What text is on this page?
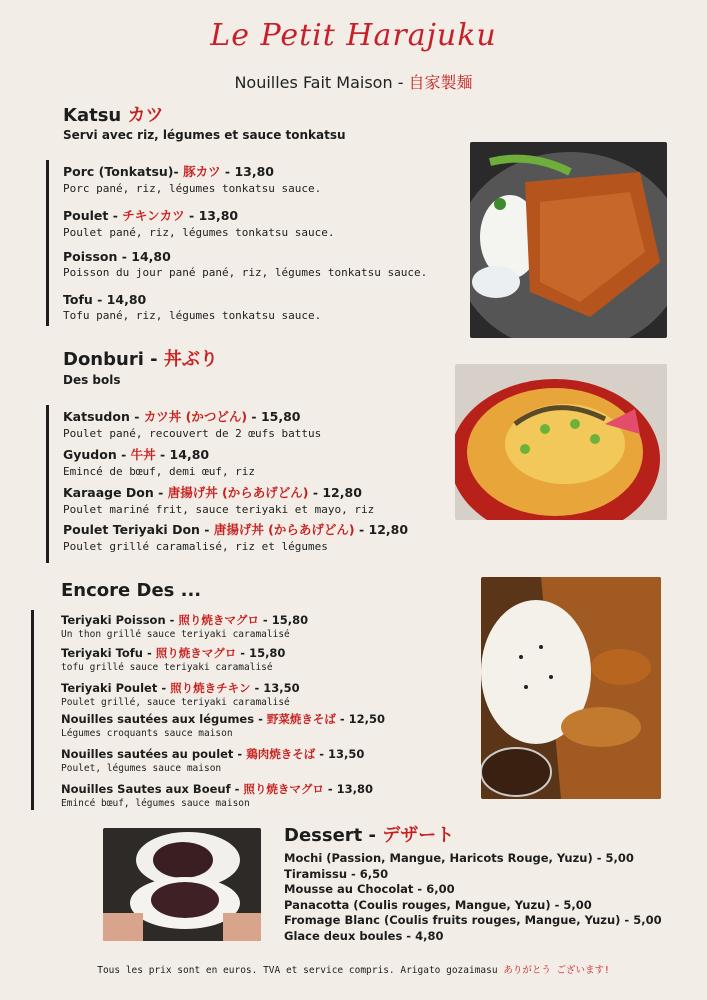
Le Petit Harajuku
Nouilles Fait Maison - 自家製麺
Katsu カツ
Servi avec riz, légumes et sauce tonkatsu
Porc (Tonkatsu)- 豚カツ - 13,80
Porc pané, riz, légumes tonkatsu sauce.
Poulet - チキンカツ - 13,80
Poulet pané, riz, légumes tonkatsu sauce.
Poisson - 14,80
Poisson du jour pané pané, riz, légumes tonkatsu sauce.
Tofu - 14,80
Tofu pané, riz, légumes tonkatsu sauce.
Donburi - 丼ぶり
Des bols
Katsudon - カツ丼 (かつどん) - 15,80
Poulet pané, recouvert de 2 œufs battus
Gyudon - 牛丼 - 14,80
Emincé de bœuf, demi œuf, riz
Karaage Don - 唐揚げ丼 (からあげどん) - 12,80
Poulet mariné frit, sauce teriyaki et mayo, riz
Poulet Teriyaki Don - 唐揚げ丼 (からあげどん) - 12,80
Poulet grillé caramalisé, riz et légumes
Encore Des ...
Teriyaki Poisson - 照り焼きマグロ - 15,80
Un thon grillé sauce teriyaki caramalisé
Teriyaki Tofu - 照り焼きマグロ - 15,80
tofu grillé sauce teriyaki caramalisé
Teriyaki Poulet - 照り焼きチキン - 13,50
Poulet grillé, sauce teriyaki caramalisé
Nouilles sautées aux légumes - 野菜焼きそば - 12,50
Légumes croquants sauce maison
Nouilles sautées au poulet - 鶏肉焼きそば - 13,50
Poulet, légumes sauce maison
Nouilles Sautes aux Boeuf - 照り焼きマグロ - 13,80
Emincé bœuf, légumes sauce maison
Dessert - デザート
Mochi (Passion, Mangue, Haricots Rouge, Yuzu) - 5,00
Tiramissu - 6,50
Mousse au Chocolat - 6,00
Panacotta (Coulis rouges, Mangue, Yuzu) - 5,00
Fromage Blanc (Coulis fruits rouges, Mangue, Yuzu) - 5,00
Glace deux boules - 4,80
Tous les prix sont en euros. TVA et service compris. Arigato gozaimasu ありがとう ございます!
